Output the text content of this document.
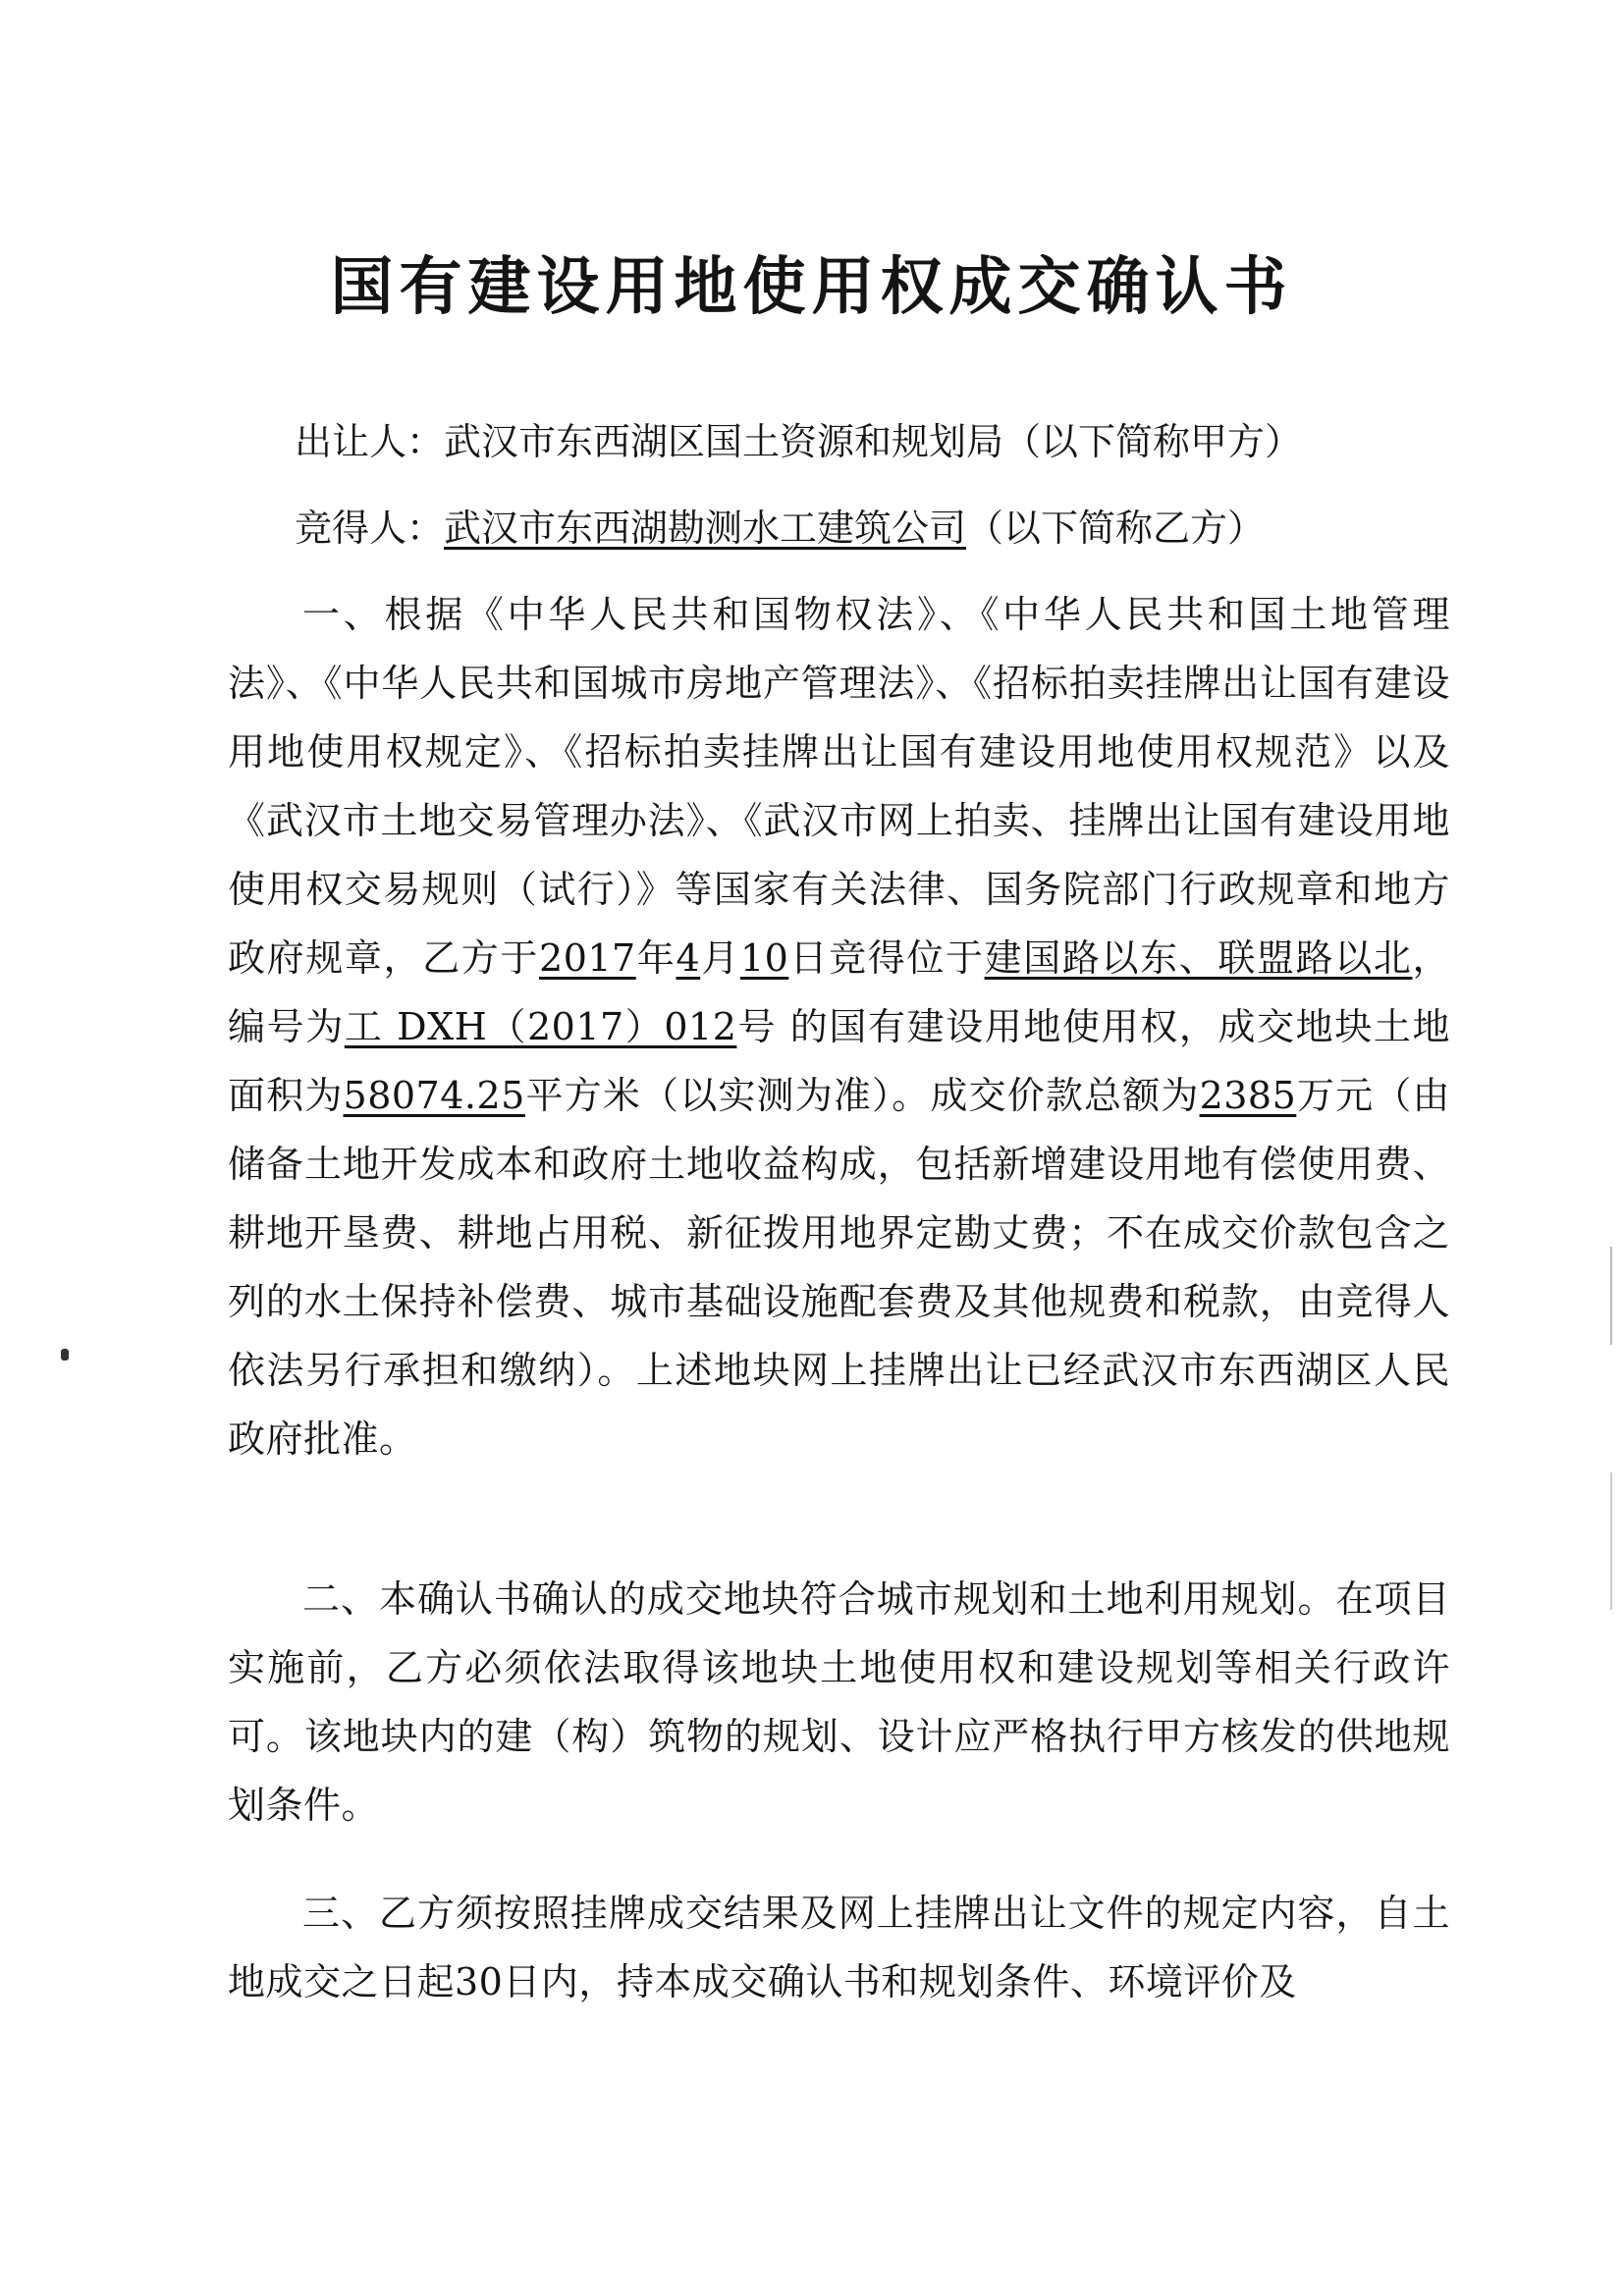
国有建设用地使用权成交确认书
出让人：武汉市东西湖区国土资源和规划局（以下简称甲方）
竞得人：武汉市东西湖勘测水工建筑公司（以下简称乙方）
一、根据《中华人民共和国物权法》、《中华人民共和国土地管理法》、《中华人民共和国城市房地产管理法》、《招标拍卖挂牌出让国有建设用地使用权规定》、《招标拍卖挂牌出让国有建设用地使用权规范》以及《武汉市土地交易管理办法》、《武汉市网上拍卖、挂牌出让国有建设用地使用权交易规则（试行）》等国家有关法律、国务院部门行政规章和地方政府规章，乙方于2017年4月10日竞得位于建国路以东、联盟路以北，编号为工 DXH（2017）012号 的国有建设用地使用权，成交地块土地面积为58074.25平方米（以实测为准）。成交价款总额为2385万元（由储备土地开发成本和政府土地收益构成，包括新增建设用地有偿使用费、耕地开垦费、耕地占用税、新征拨用地界定勘丈费；不在成交价款包含之列的水土保持补偿费、城市基础设施配套费及其他规费和税款，由竞得人依法另行承担和缴纳）。上述地块网上挂牌出让已经武汉市东西湖区人民政府批准。
二、本确认书确认的成交地块符合城市规划和土地利用规划。在项目实施前，乙方必须依法取得该地块土地使用权和建设规划等相关行政许可。该地块内的建（构）筑物的规划、设计应严格执行甲方核发的供地规划条件。
三、乙方须按照挂牌成交结果及网上挂牌出让文件的规定内容，自土地成交之日起30日内，持本成交确认书和规划条件、环境评价及
